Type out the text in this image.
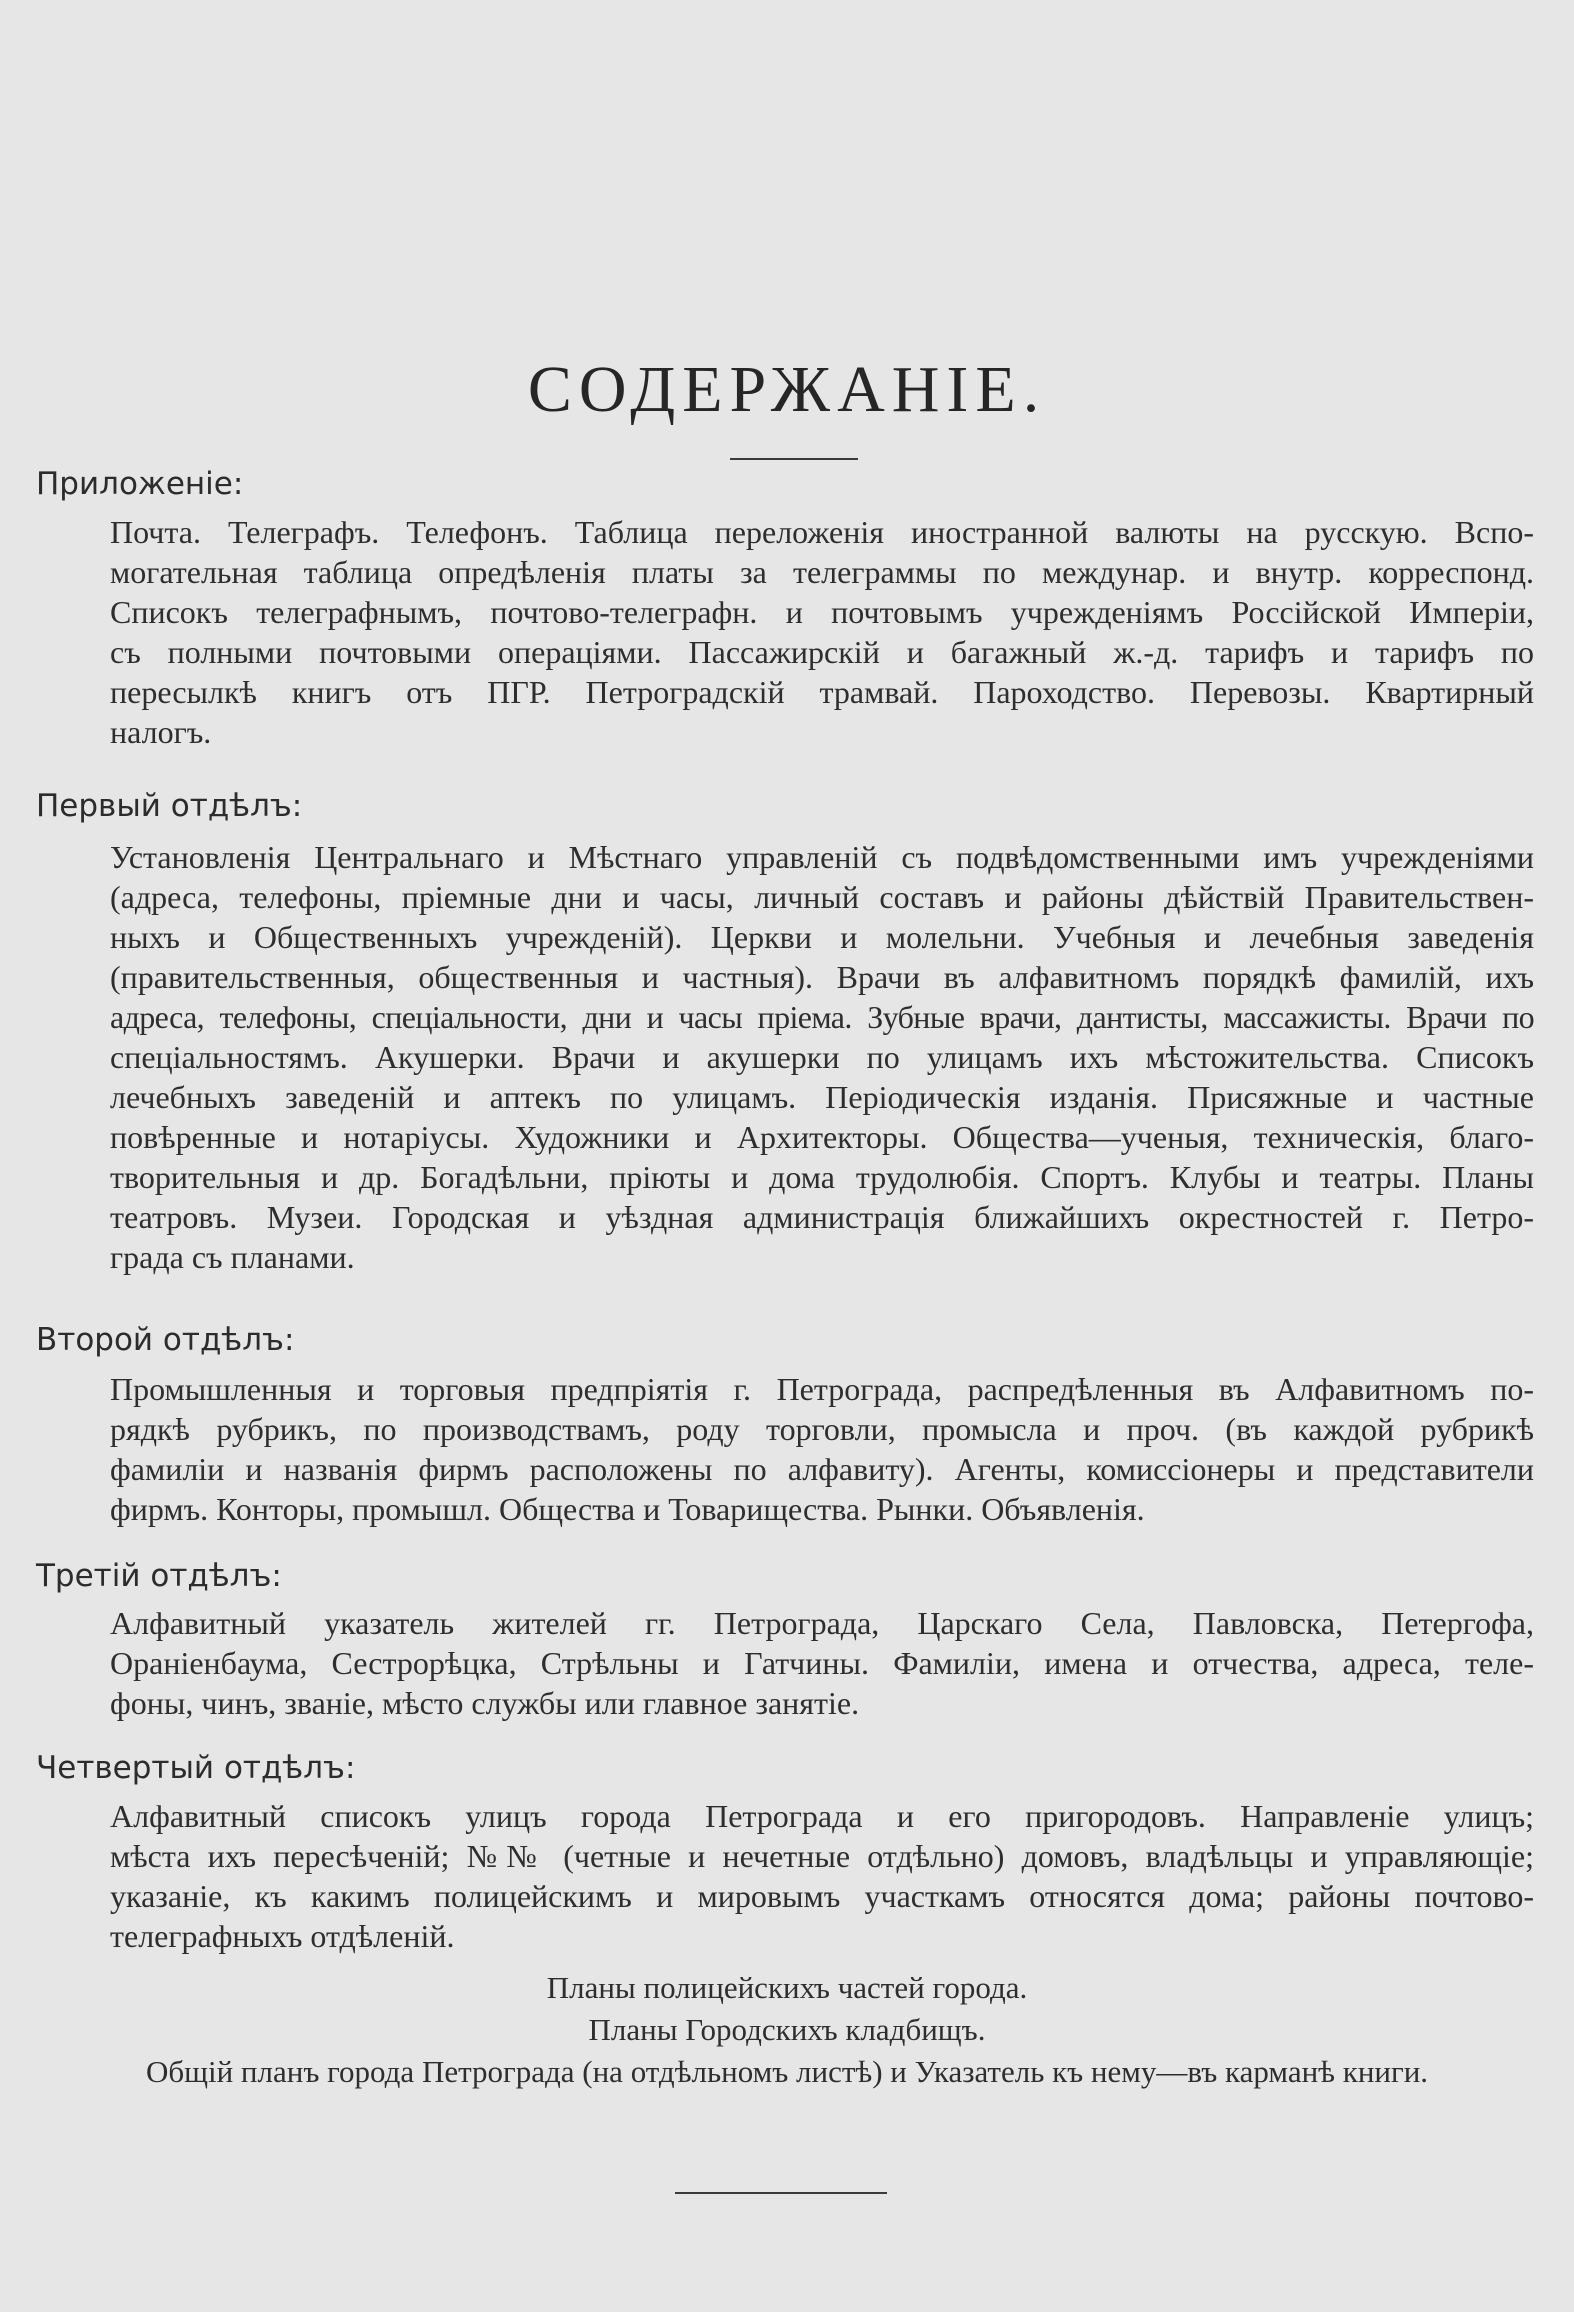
СОДЕРЖАНІЕ.
Приложеніе:
Почта. Телеграфъ. Телефонъ. Таблица переложенія иностранной валюты на русскую. Вспо-
могательная таблица опредѣленія платы за телеграммы по междунар. и внутр. корреспонд.
Списокъ телеграфнымъ, почтово-телеграфн. и почтовымъ учрежденіямъ Россійской Имперіи,
съ полными почтовыми операціями. Пассажирскій и багажный ж.-д. тарифъ и тарифъ по
пересылкѣ книгъ отъ ПГР. Петроградскій трамвай. Пароходство. Перевозы. Квартирный
налогъ.
Первый отдѣлъ:
Установленія Центральнаго и Мѣстнаго управленій съ подвѣдомственными имъ учрежденіями
(адреса, телефоны, пріемные дни и часы, личный составъ и районы дѣйствій Правительствен-
ныхъ и Общественныхъ учрежденій). Церкви и молельни. Учебныя и лечебныя заведенія
(правительственныя, общественныя и частныя). Врачи въ алфавитномъ порядкѣ фамилій, ихъ
адреса, телефоны, спеціальности, дни и часы пріема. Зубные врачи, дантисты, массажисты. Врачи по
спеціальностямъ. Акушерки. Врачи и акушерки по улицамъ ихъ мѣстожительства. Списокъ
лечебныхъ заведеній и аптекъ по улицамъ. Періодическія изданія. Присяжные и частные
повѣренные и нотаріусы. Художники и Архитекторы. Общества—ученыя, техническія, благо-
творительныя и др. Богадѣльни, пріюты и дома трудолюбія. Спортъ. Клубы и театры. Планы
театровъ. Музеи. Городская и уѣздная администрація ближайшихъ окрестностей г. Петро-
града съ планами.
Второй отдѣлъ:
Промышленныя и торговыя предпріятія г. Петрограда, распредѣленныя въ Алфавитномъ по-
рядкѣ рубрикъ, по производствамъ, роду торговли, промысла и проч. (въ каждой рубрикѣ
фамиліи и названія фирмъ расположены по алфавиту). Агенты, комиссіонеры и представители
фирмъ. Конторы, промышл. Общества и Товарищества. Рынки. Объявленія.
Третій отдѣлъ:
Алфавитный указатель жителей гг. Петрограда, Царскаго Села, Павловска, Петергофа,
Ораніенбаума, Сестрорѣцка, Стрѣльны и Гатчины. Фамиліи, имена и отчества, адреса, теле-
фоны, чинъ, званіе, мѣсто службы или главное занятіе.
Четвертый отдѣлъ:
Алфавитный списокъ улицъ города Петрограда и его пригородовъ. Направленіе улицъ;
мѣста ихъ пересѣченій; №№ (четные и нечетные отдѣльно) домовъ, владѣльцы и управляющіе;
указаніе, къ какимъ полицейскимъ и мировымъ участкамъ относятся дома; районы почтово-
телеграфныхъ отдѣленій.

Планы полицейскихъ частей города.

Планы Городскихъ кладбищъ.

Общій планъ города Петрограда (на отдѣльномъ листѣ) и Указатель къ нему—въ карманѣ книги.
